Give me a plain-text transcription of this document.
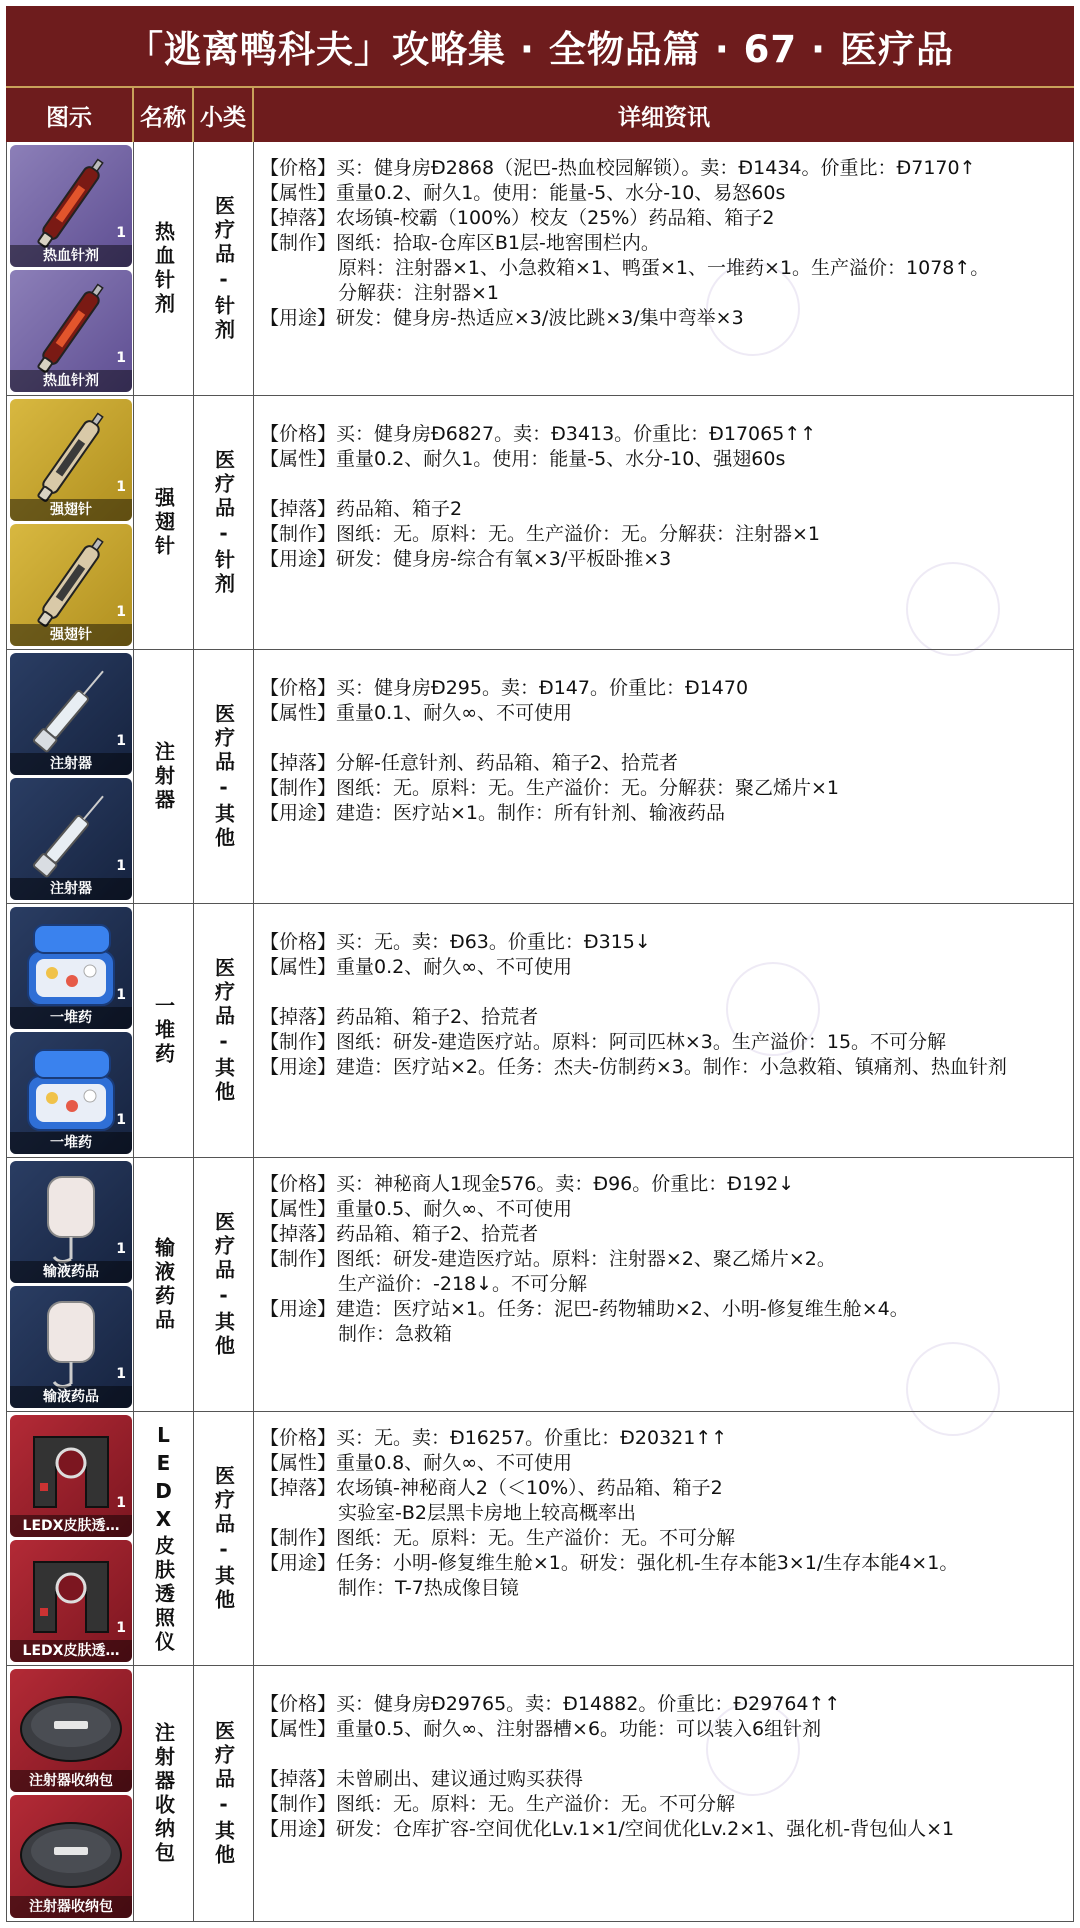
「逃离鸭科夫」攻略集 · 全物品篇 · 67 · 医疗品
图示	名称 小类	详细资讯
1
热血针剂
1
热血针剂
热血针剂 医疗品-针剂
【价格】买：健身房Đ2868（泥巴-热血校园解锁）。卖：Đ1434。价重比：Đ7170↑
【属性】重量0.2、耐久1。使用：能量-5、水分-10、易怒60s
【掉落】农场镇-校霸（100%）校友（25%）药品箱、箱子2
【制作】图纸：拾取-仓库区B1层-地窖围栏内。
原料：注射器×1、小急救箱×1、鸭蛋×1、一堆药×1。生产溢价：1078↑。
分解获：注射器×1
【用途】研发：健身房-热适应×3/波比跳×3/集中弯举×3
1
强翅针
1
强翅针
强翅针 医疗品-针剂
【价格】买：健身房Đ6827。卖：Đ3413。价重比：Đ17065↑↑
【属性】重量0.2、耐久1。使用：能量-5、水分-10、强翅60s
【掉落】药品箱、箱子2
【制作】图纸：无。原料：无。生产溢价：无。分解获：注射器×1
【用途】研发：健身房-综合有氧×3/平板卧推×3
1
注射器
1
注射器
注射器 医疗品-其他
【价格】买：健身房Đ295。卖：Đ147。价重比：Đ1470
【属性】重量0.1、耐久∞、不可使用
【掉落】分解-任意针剂、药品箱、箱子2、拾荒者
【制作】图纸：无。原料：无。生产溢价：无。分解获：聚乙烯片×1
【用途】建造：医疗站×1。制作：所有针剂、输液药品
1
一堆药
1
一堆药
一堆药 医疗品-其他
【价格】买：无。卖：Đ63。价重比：Đ315↓
【属性】重量0.2、耐久∞、不可使用
【掉落】药品箱、箱子2、拾荒者
【制作】图纸：研发-建造医疗站。原料：阿司匹林×3。生产溢价：15。不可分解
【用途】建造：医疗站×2。任务：杰夫-仿制药×3。制作：小急救箱、镇痛剂、热血针剂
1
输液药品
1
输液药品
输液药品 医疗品-其他
【价格】买：神秘商人1现金576。卖：Đ96。价重比：Đ192↓
【属性】重量0.5、耐久∞、不可使用
【掉落】药品箱、箱子2、拾荒者
【制作】图纸：研发-建造医疗站。原料：注射器×2、聚乙烯片×2。
生产溢价：-218↓。不可分解
【用途】建造：医疗站×1。任务：泥巴-药物辅助×2、小明-修复维生舱×4。
制作：急救箱
1
LEDX皮肤透…
1
LEDX皮肤透…	LEDX皮肤透照仪 医疗品-其他
【价格】买：无。卖：Đ16257。价重比：Đ20321↑↑
【属性】重量0.8、耐久∞、不可使用
【掉落】农场镇-神秘商人2（＜10%）、药品箱、箱子2
实验室-B2层黑卡房地上较高概率出
【制作】图纸：无。原料：无。生产溢价：无。不可分解
【用途】任务：小明-修复维生舱×1。研发：强化机-生存本能3×1/生存本能4×1。
制作：T-7热成像目镜
注射器收纳包
注射器收纳包
注射器收纳包 医疗品-其他
【价格】买：健身房Đ29765。卖：Đ14882。价重比：Đ29764↑↑
【属性】重量0.5、耐久∞、注射器槽×6。功能：可以装入6组针剂
【掉落】未曾刷出、建议通过购买获得
【制作】图纸：无。原料：无。生产溢价：无。不可分解
【用途】研发：仓库扩容-空间优化Lv.1×1/空间优化Lv.2×1、强化机-背包仙人×1
